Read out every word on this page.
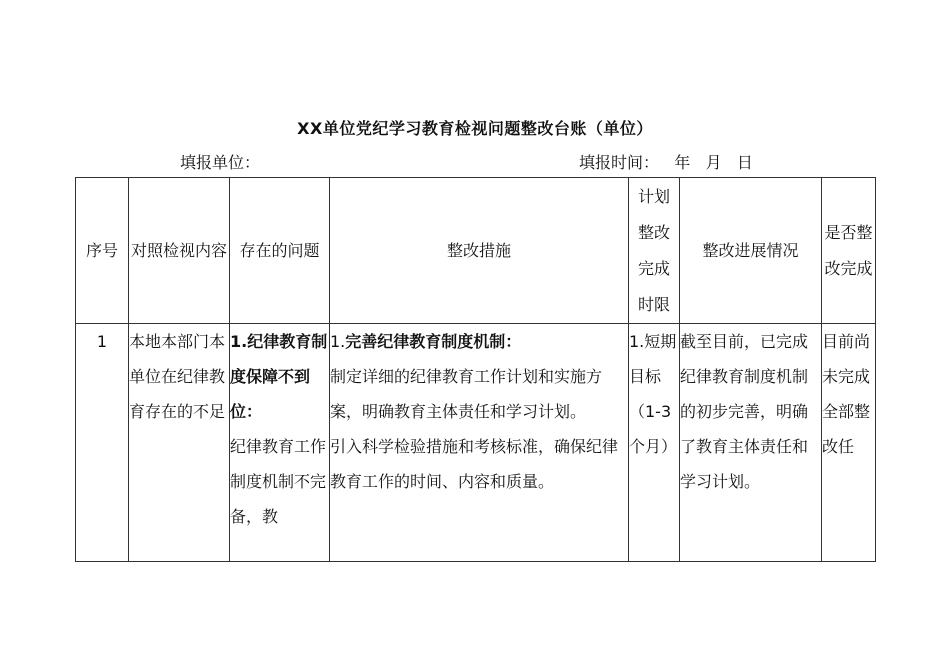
XX单位党纪学习教育检视问题整改台账（单位）
填报单位：	填报时间： 年 月 日
序号	对照检视内容	存在的问题	整改措施	计划整改完成时限	整改进展情况	是否整改完成
1	本地本部门本单位在纪律教育存在的不足	1.纪律教育制度保障不到位：
纪律教育工作制度机制不完备，教	1.完善纪律教育制度机制：
制定详细的纪律教育工作计划和实施方案，明确教育主体责任和学习计划。
引入科学检验措施和考核标准，确保纪律教育工作的时间、内容和质量。	1.短期目标（1-3个月）	截至目前，已完成纪律教育制度机制的初步完善，明确了教育主体责任和学习计划。	目前尚未完成全部整改任
